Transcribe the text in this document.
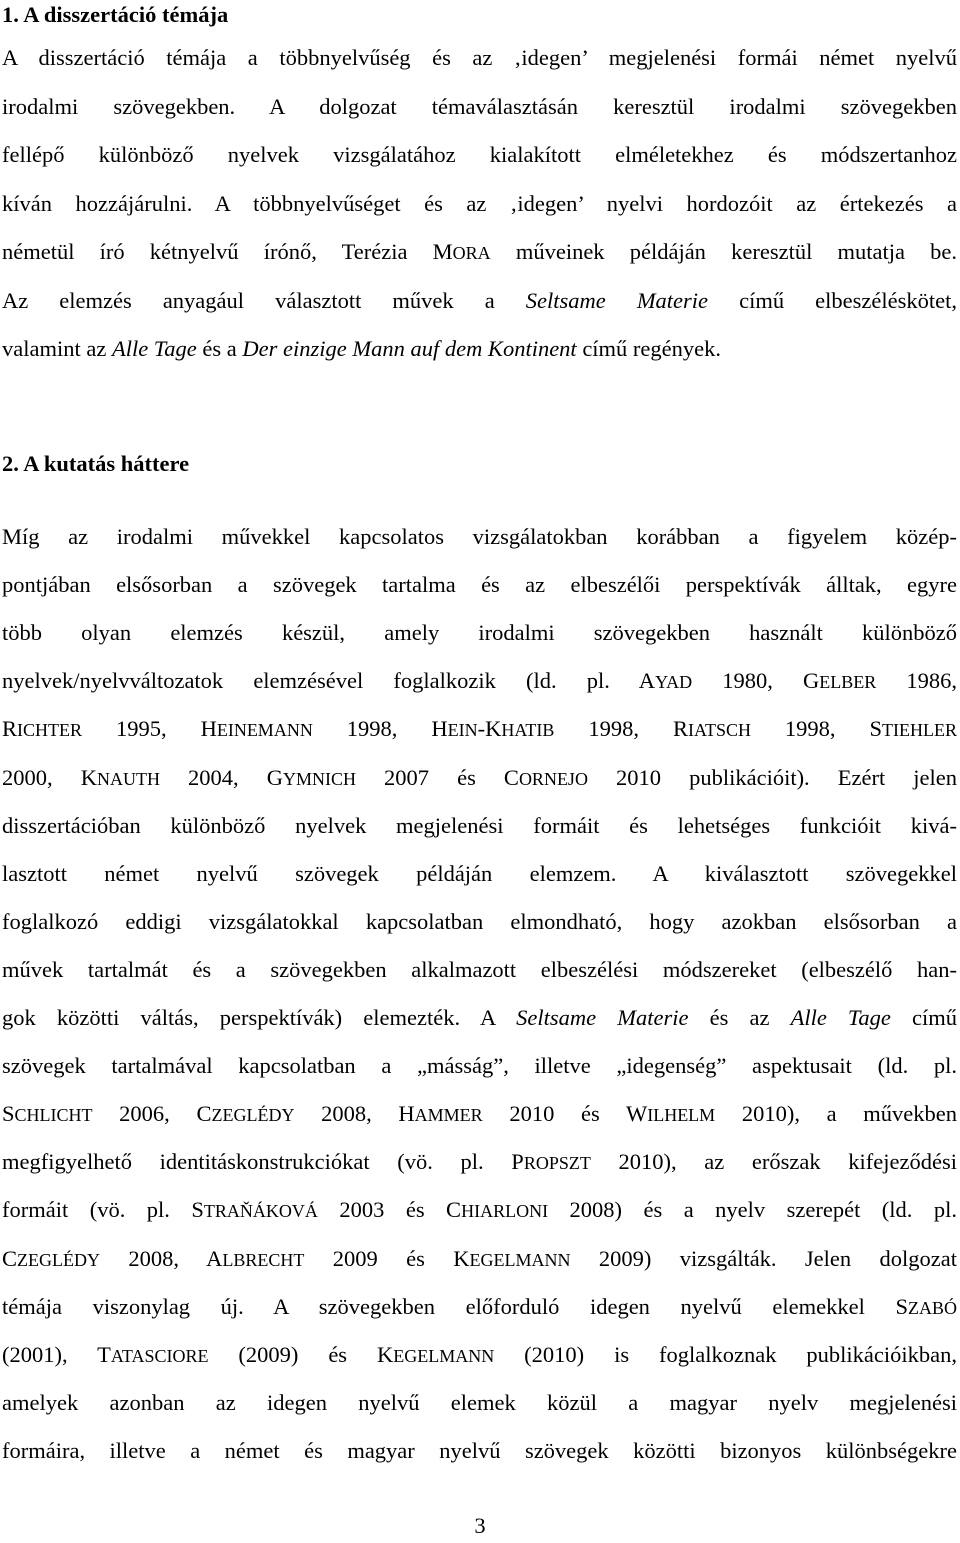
1. A disszertáció témája
A disszertáció témája a többnyelvűség és az ‚idegen’ megjelenési formái német nyelvű
irodalmi szövegekben. A dolgozat témaválasztásán keresztül irodalmi szövegekben
fellépő különböző nyelvek vizsgálatához kialakított elméletekhez és módszertanhoz
kíván hozzájárulni. A többnyelvűséget és az ‚idegen’ nyelvi hordozóit az értekezés a
németül író kétnyelvű írónő, Terézia MORA műveinek példáján keresztül mutatja be.
Az elemzés anyagául választott művek a Seltsame Materie című elbeszéléskötet,
valamint az Alle Tage és a Der einzige Mann auf dem Kontinent című regények.
2. A kutatás háttere
Míg az irodalmi művekkel kapcsolatos vizsgálatokban korábban a figyelem közép-
pontjában elsősorban a szövegek tartalma és az elbeszélői perspektívák álltak, egyre
több olyan elemzés készül, amely irodalmi szövegekben használt különböző
nyelvek/nyelvváltozatok elemzésével foglalkozik (ld. pl. AYAD 1980, GELBER 1986,
RICHTER 1995, HEINEMANN 1998, HEIN-KHATIB 1998, RIATSCH 1998, STIEHLER
2000, KNAUTH 2004, GYMNICH 2007 és CORNEJO 2010 publikációit). Ezért jelen
disszertációban különböző nyelvek megjelenési formáit és lehetséges funkcióit kivá-
lasztott német nyelvű szövegek példáján elemzem. A kiválasztott szövegekkel
foglalkozó eddigi vizsgálatokkal kapcsolatban elmondható, hogy azokban elsősorban a
művek tartalmát és a szövegekben alkalmazott elbeszélési módszereket (elbeszélő han-
gok közötti váltás, perspektívák) elemezték. A Seltsame Materie és az Alle Tage című
szövegek tartalmával kapcsolatban a „másság”, illetve „idegenség” aspektusait (ld. pl.
SCHLICHT 2006, CZEGLÉDY 2008, HAMMER 2010 és WILHELM 2010), a művekben
megfigyelhető identitáskonstrukciókat (vö. pl. PROPSZT 2010), az erőszak kifejeződési
formáit (vö. pl. STRAŇÁKOVÁ 2003 és CHIARLONI 2008) és a nyelv szerepét (ld. pl.
CZEGLÉDY 2008, ALBRECHT 2009 és KEGELMANN 2009) vizsgálták. Jelen dolgozat
témája viszonylag új. A szövegekben előforduló idegen nyelvű elemekkel SZABÓ
(2001), TATASCIORE (2009) és KEGELMANN (2010) is foglalkoznak publikációikban,
amelyek azonban az idegen nyelvű elemek közül a magyar nyelv megjelenési
formáira, illetve a német és magyar nyelvű szövegek közötti bizonyos különbségekre
3
